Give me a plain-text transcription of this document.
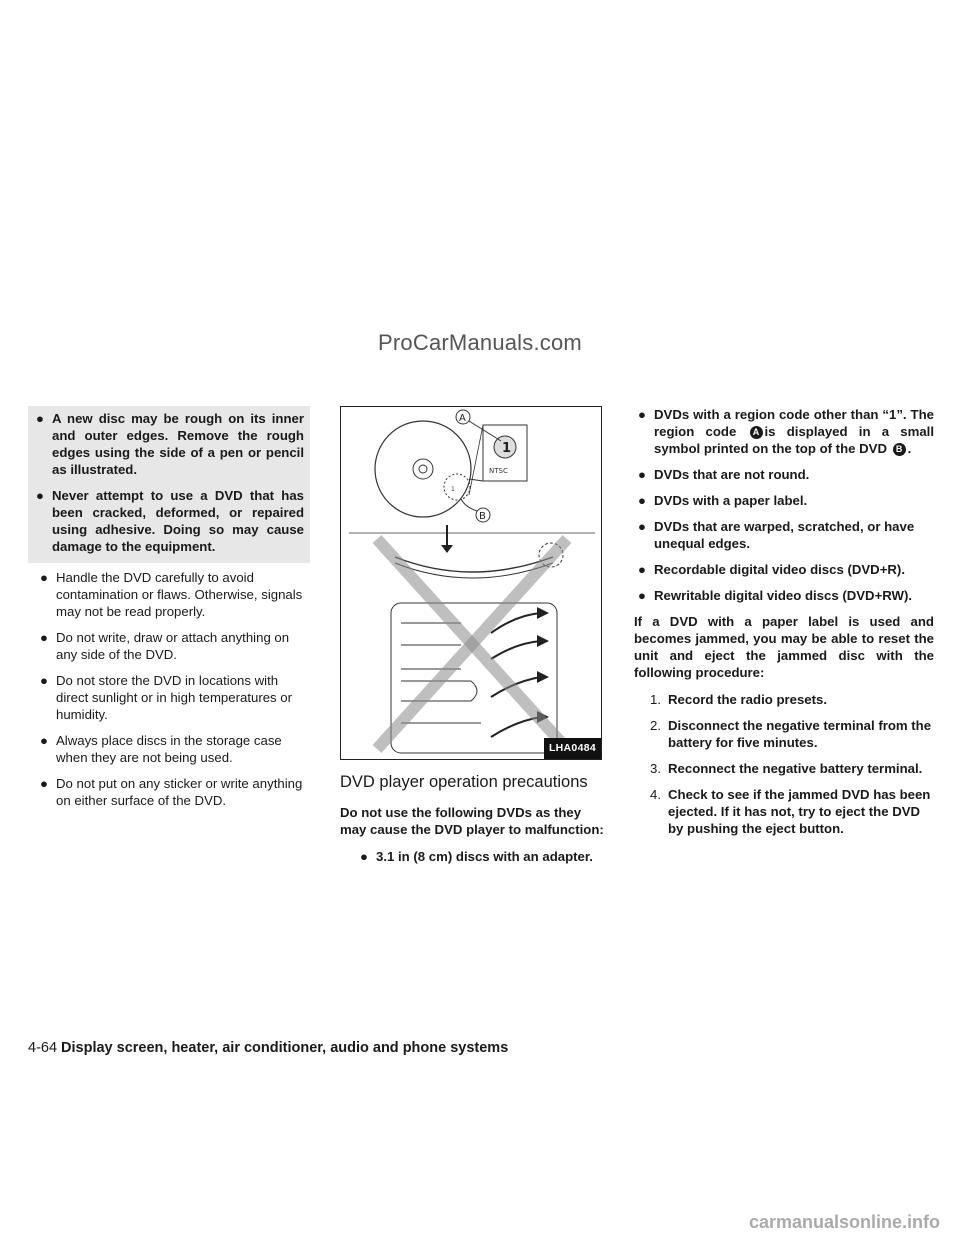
ProCarManuals.com
● A new disc may be rough on its inner and outer edges. Remove the rough edges using the side of a pen or pencil as illustrated.
● Never attempt to use a DVD that has been cracked, deformed, or repaired using adhesive. Doing so may cause damage to the equipment.
● Handle the DVD carefully to avoid contamination or flaws. Otherwise, signals may not be read properly.
● Do not write, draw or attach anything on any side of the DVD.
● Do not store the DVD in locations with direct sunlight or in high temperatures or humidity.
● Always place discs in the storage case when they are not being used.
● Do not put on any sticker or write anything on either surface of the DVD.
1
1
NTSC
A
B
LHA0484
DVD player operation precautions

Do not use the following DVDs as they may cause the DVD player to malfunction:

● 3.1 in (8 cm) discs with an adapter.
● DVDs with a region code other than “1”. The region code A is displayed in a small symbol printed on the top of the DVD B .
● DVDs that are not round.
● DVDs with a paper label.
● DVDs that are warped, scratched, or have unequal edges.
● Recordable digital video discs (DVD+R).
● Rewritable digital video discs (DVD+RW).

If a DVD with a paper label is used and becomes jammed, you may be able to reset the unit and eject the jammed disc with the following procedure:

1. Record the radio presets.
2. Disconnect the negative terminal from the battery for five minutes.
3. Reconnect the negative battery terminal.
4. Check to see if the jammed DVD has been ejected. If it has not, try to eject the DVD by pushing the eject button.
4-64 Display screen, heater, air conditioner, audio and phone systems
carmanualsonline.info
